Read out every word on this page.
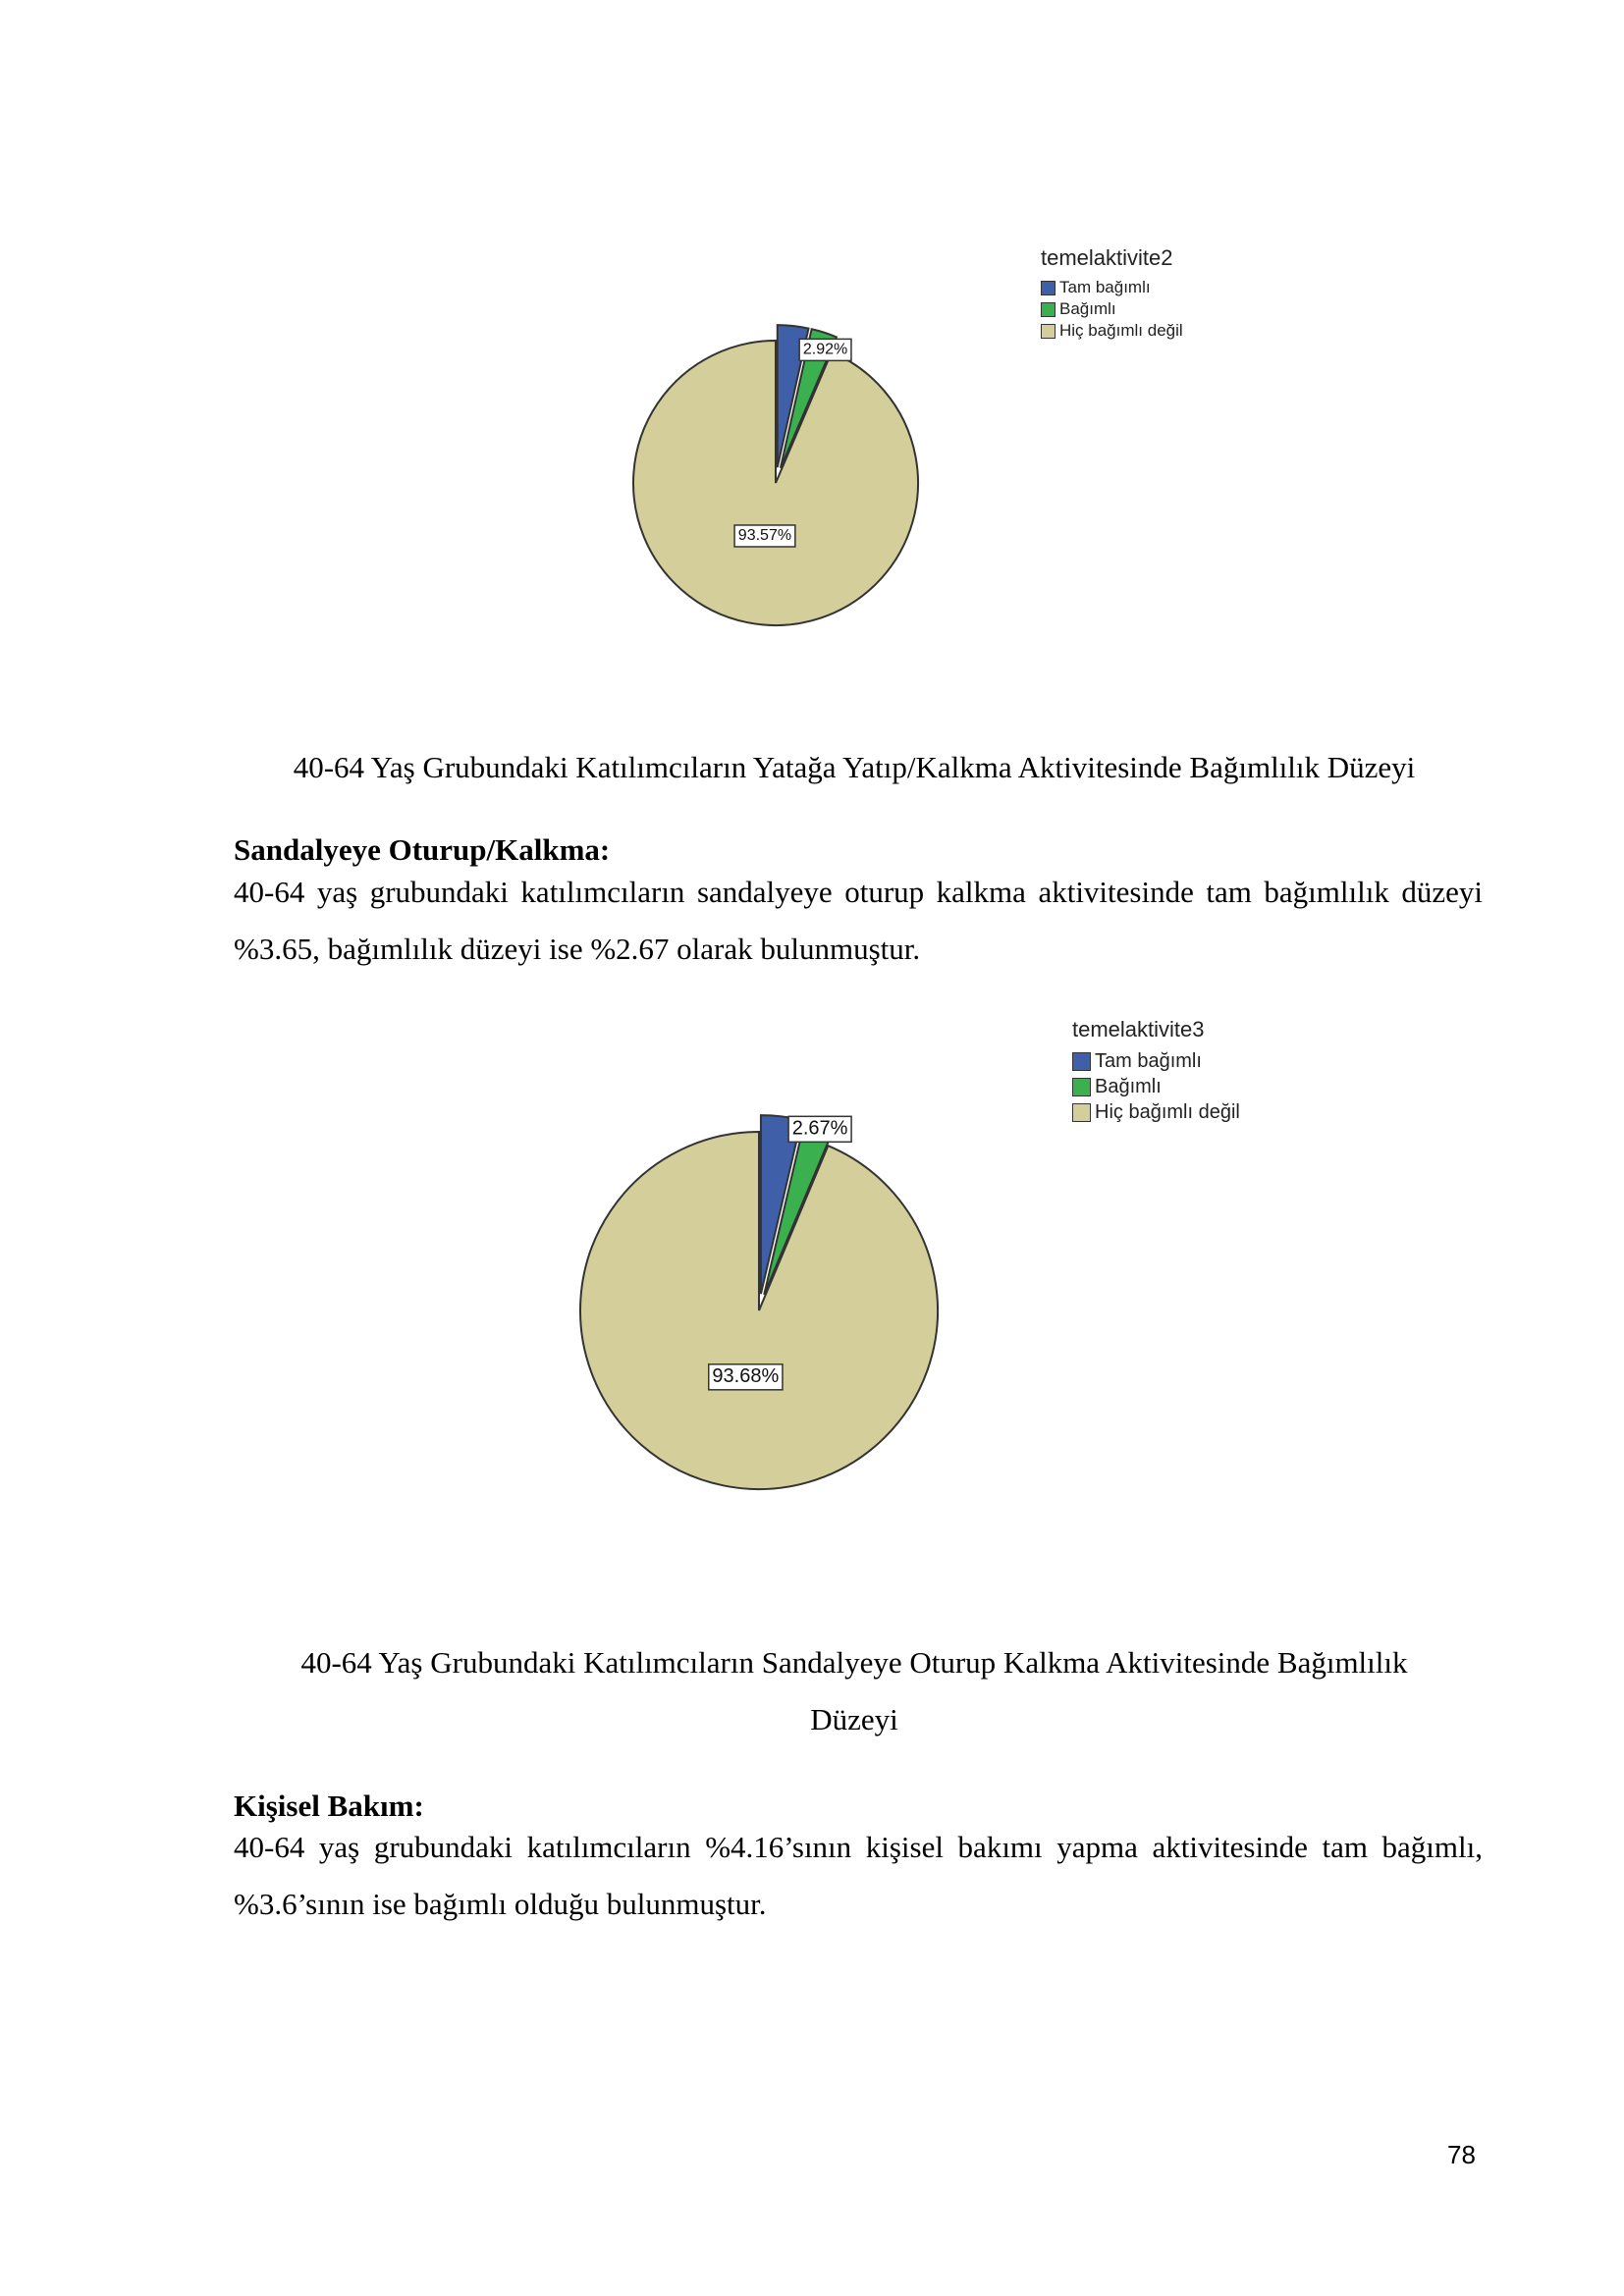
2.92%
93.57%
temelaktivite2
Tam bağımlı
Bağımlı
Hiç bağımlı değil
40-64 Yaş Grubundaki Katılımcıların Yatağa Yatıp/Kalkma Aktivitesinde Bağımlılık Düzeyi
Sandalyeye Oturup/Kalkma:
40-64 yaş grubundaki katılımcıların sandalyeye oturup kalkma aktivitesinde tam bağımlılık düzeyi %3.65, bağımlılık düzeyi ise %2.67 olarak bulunmuştur.
2.67%
93.68%
temelaktivite3
Tam bağımlı
Bağımlı
Hiç bağımlı değil
40-64 Yaş Grubundaki Katılımcıların Sandalyeye Oturup Kalkma Aktivitesinde Bağımlılık
Düzeyi
Kişisel Bakım:
40-64 yaş grubundaki katılımcıların %4.16’sının kişisel bakımı yapma aktivitesinde tam bağımlı, %3.6’sının ise bağımlı olduğu bulunmuştur.
78
